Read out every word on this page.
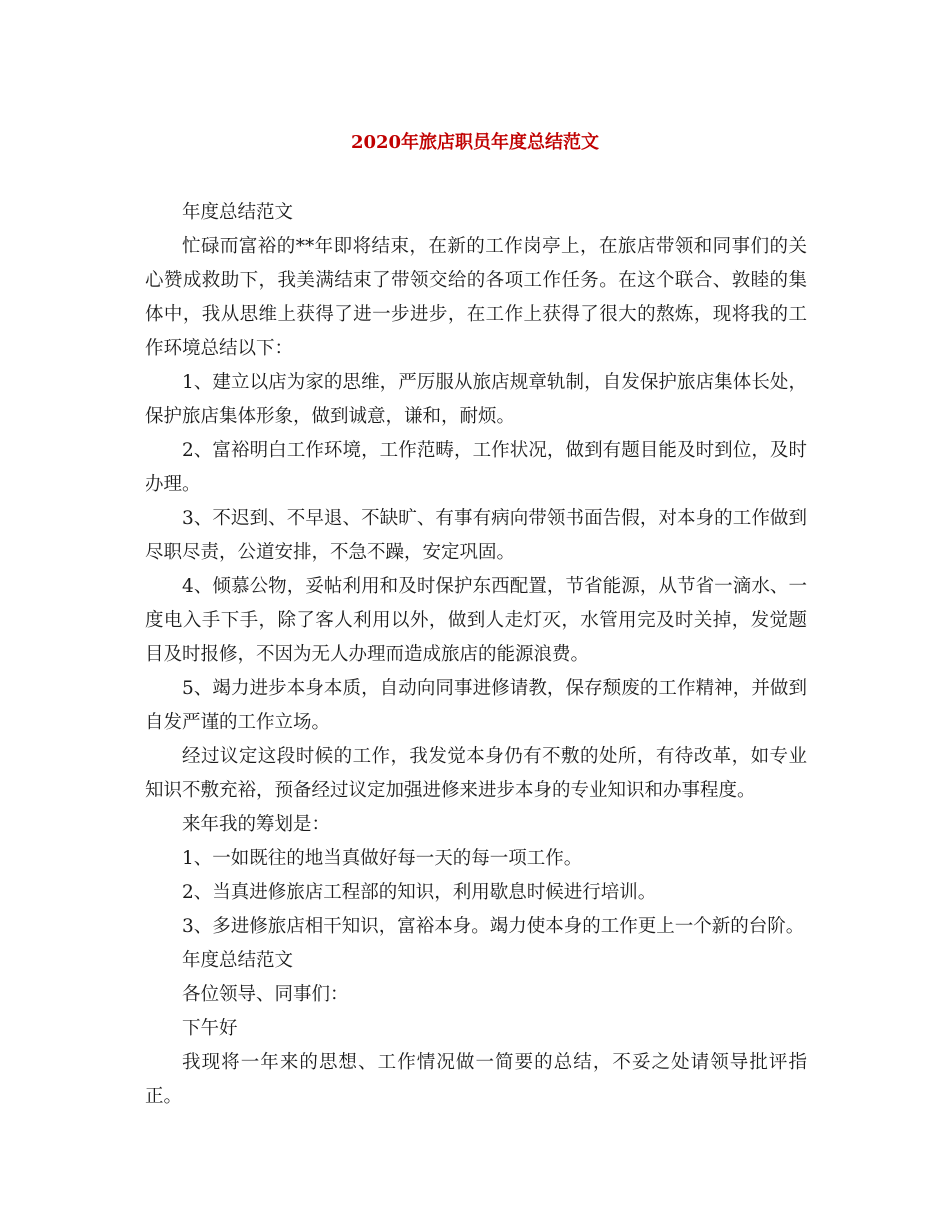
2020年旅店职员年度总结范文

年度总结范文

忙碌而富裕的**年即将结束，在新的工作岗亭上，在旅店带领和同事们的关心赞成救助下，我美满结束了带领交给的各项工作任务。在这个联合、敦睦的集体中，我从思维上获得了进一步进步，在工作上获得了很大的熬炼，现将我的工作环境总结以下：

1、建立以店为家的思维，严厉服从旅店规章轨制，自发保护旅店集体长处，保护旅店集体形象，做到诚意，谦和，耐烦。

2、富裕明白工作环境，工作范畴，工作状况，做到有题目能及时到位，及时办理。

3、不迟到、不早退、不缺旷、有事有病向带领书面告假，对本身的工作做到尽职尽责，公道安排，不急不躁，安定巩固。

4、倾慕公物，妥帖利用和及时保护东西配置，节省能源，从节省一滴水、一度电入手下手，除了客人利用以外，做到人走灯灭，水管用完及时关掉，发觉题目及时报修，不因为无人办理而造成旅店的能源浪费。

5、竭力进步本身本质，自动向同事进修请教，保存颓废的工作精神，并做到自发严谨的工作立场。

经过议定这段时候的工作，我发觉本身仍有不敷的处所，有待改革，如专业知识不敷充裕，预备经过议定加强进修来进步本身的专业知识和办事程度。

来年我的筹划是：

1、一如既往的地当真做好每一天的每一项工作。

2、当真进修旅店工程部的知识，利用歇息时候进行培训。

3、多进修旅店相干知识，富裕本身。竭力使本身的工作更上一个新的台阶。

年度总结范文

各位领导、同事们：

下午好

我现将一年来的思想、工作情况做一简要的总结，不妥之处请领导批评指正。
